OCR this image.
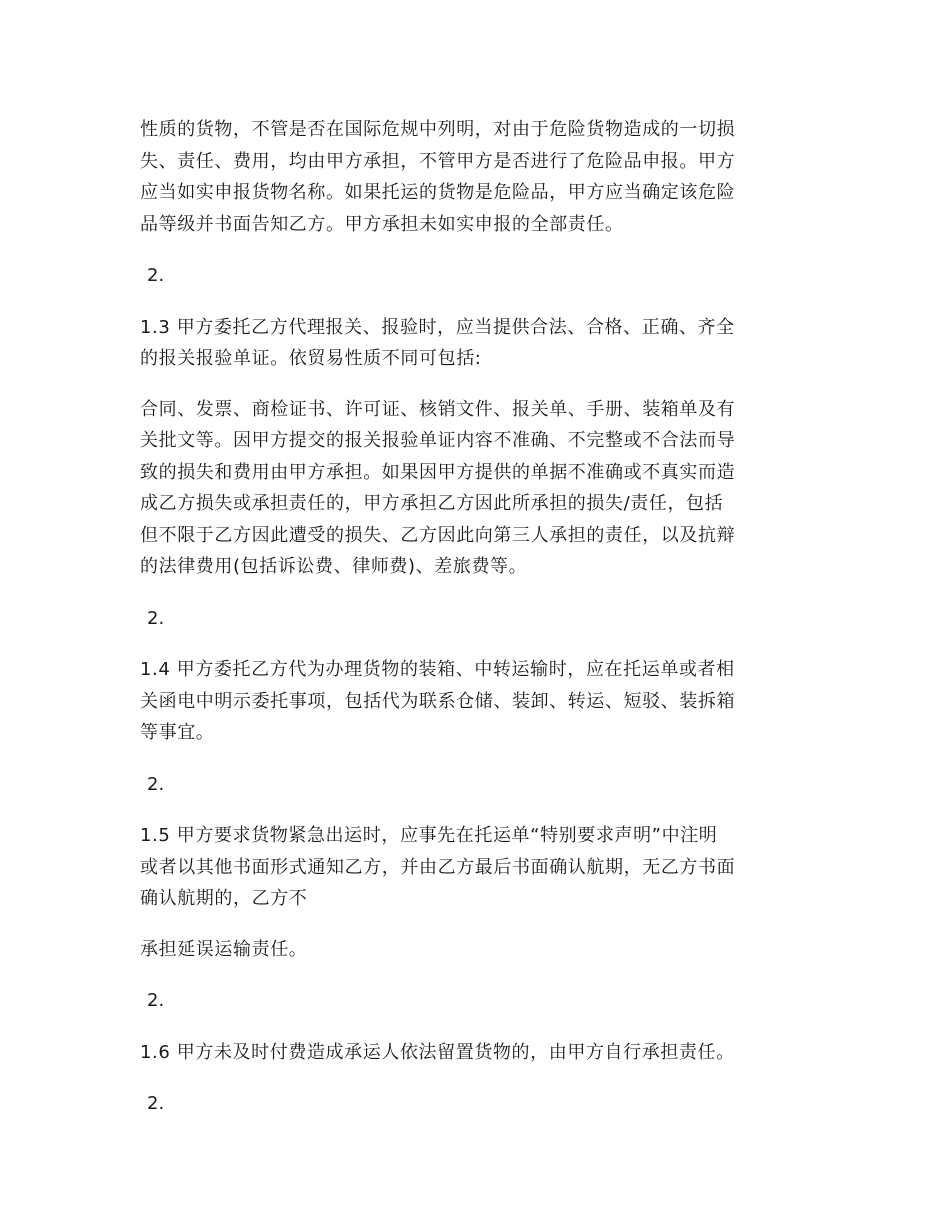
性质的货物，不管是否在国际危规中列明，对由于危险货物造成的一切损
失、责任、费用，均由甲方承担，不管甲方是否进行了危险品申报。甲方
应当如实申报货物名称。如果托运的货物是危险品，甲方应当确定该危险
品等级并书面告知乙方。甲方承担未如实申报的全部责任。

2.

1.3 甲方委托乙方代理报关、报验时，应当提供合法、合格、正确、齐全
的报关报验单证。依贸易性质不同可包括:
合同、发票、商检证书、许可证、核销文件、报关单、手册、装箱单及有
关批文等。因甲方提交的报关报验单证内容不准确、不完整或不合法而导
致的损失和费用由甲方承担。如果因甲方提供的单据不准确或不真实而造
成乙方损失或承担责任的，甲方承担乙方因此所承担的损失/责任，包括
但不限于乙方因此遭受的损失、乙方因此向第三人承担的责任，以及抗辩
的法律费用(包括诉讼费、律师费)、差旅费等。

2.

1.4 甲方委托乙方代为办理货物的装箱、中转运输时，应在托运单或者相
关函电中明示委托事项，包括代为联系仓储、装卸、转运、短驳、装拆箱
等事宜。

2.

1.5 甲方要求货物紧急出运时，应事先在托运单“特别要求声明”中注明
或者以其他书面形式通知乙方，并由乙方最后书面确认航期，无乙方书面
确认航期的，乙方不
承担延误运输责任。

2.

1.6 甲方未及时付费造成承运人依法留置货物的，由甲方自行承担责任。

2.
